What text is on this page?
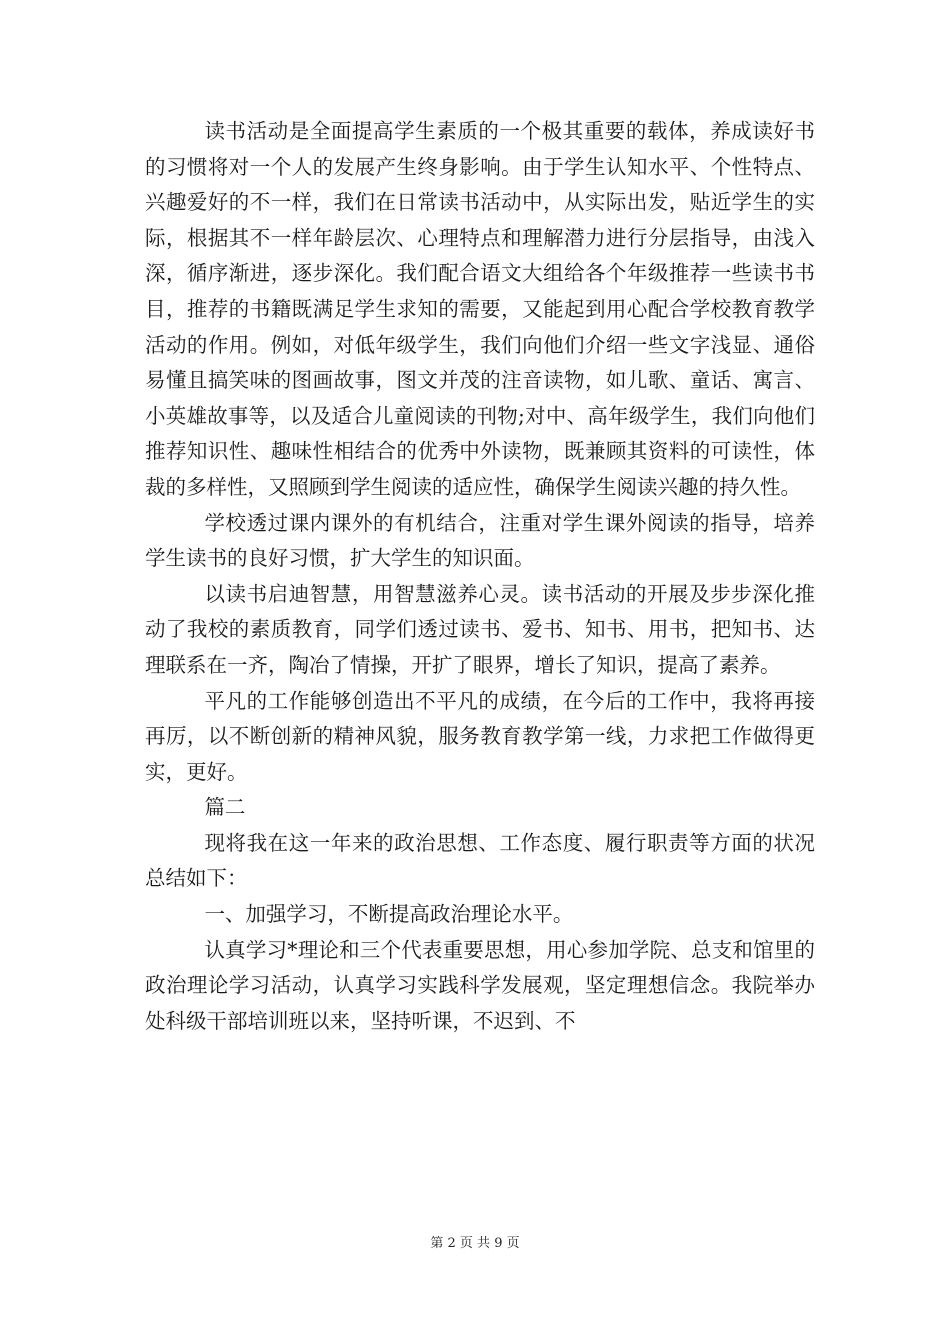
读书活动是全面提高学生素质的一个极其重要的载体，养成读好书的习惯将对一个人的发展产生终身影响。由于学生认知水平、个性特点、兴趣爱好的不一样，我们在日常读书活动中，从实际出发，贴近学生的实际，根据其不一样年龄层次、心理特点和理解潜力进行分层指导，由浅入深，循序渐进，逐步深化。我们配合语文大组给各个年级推荐一些读书书目，推荐的书籍既满足学生求知的需要，又能起到用心配合学校教育教学活动的作用。例如，对低年级学生，我们向他们介绍一些文字浅显、通俗易懂且搞笑味的图画故事，图文并茂的注音读物，如儿歌、童话、寓言、小英雄故事等，以及适合儿童阅读的刊物;对中、高年级学生，我们向他们推荐知识性、趣味性相结合的优秀中外读物，既兼顾其资料的可读性，体裁的多样性，又照顾到学生阅读的适应性，确保学生阅读兴趣的持久性。

学校透过课内课外的有机结合，注重对学生课外阅读的指导，培养学生读书的良好习惯，扩大学生的知识面。

以读书启迪智慧，用智慧滋养心灵。读书活动的开展及步步深化推动了我校的素质教育，同学们透过读书、爱书、知书、用书，把知书、达理联系在一齐，陶冶了情操，开扩了眼界，增长了知识，提高了素养。

平凡的工作能够创造出不平凡的成绩，在今后的工作中，我将再接再厉，以不断创新的精神风貌，服务教育教学第一线，力求把工作做得更实，更好。

篇二

现将我在这一年来的政治思想、工作态度、履行职责等方面的状况总结如下：

一、加强学习，不断提高政治理论水平。

认真学习*理论和三个代表重要思想，用心参加学院、总支和馆里的政治理论学习活动，认真学习实践科学发展观，坚定理想信念。我院举办处科级干部培训班以来，坚持听课，不迟到、不

第 2 页 共 9 页
